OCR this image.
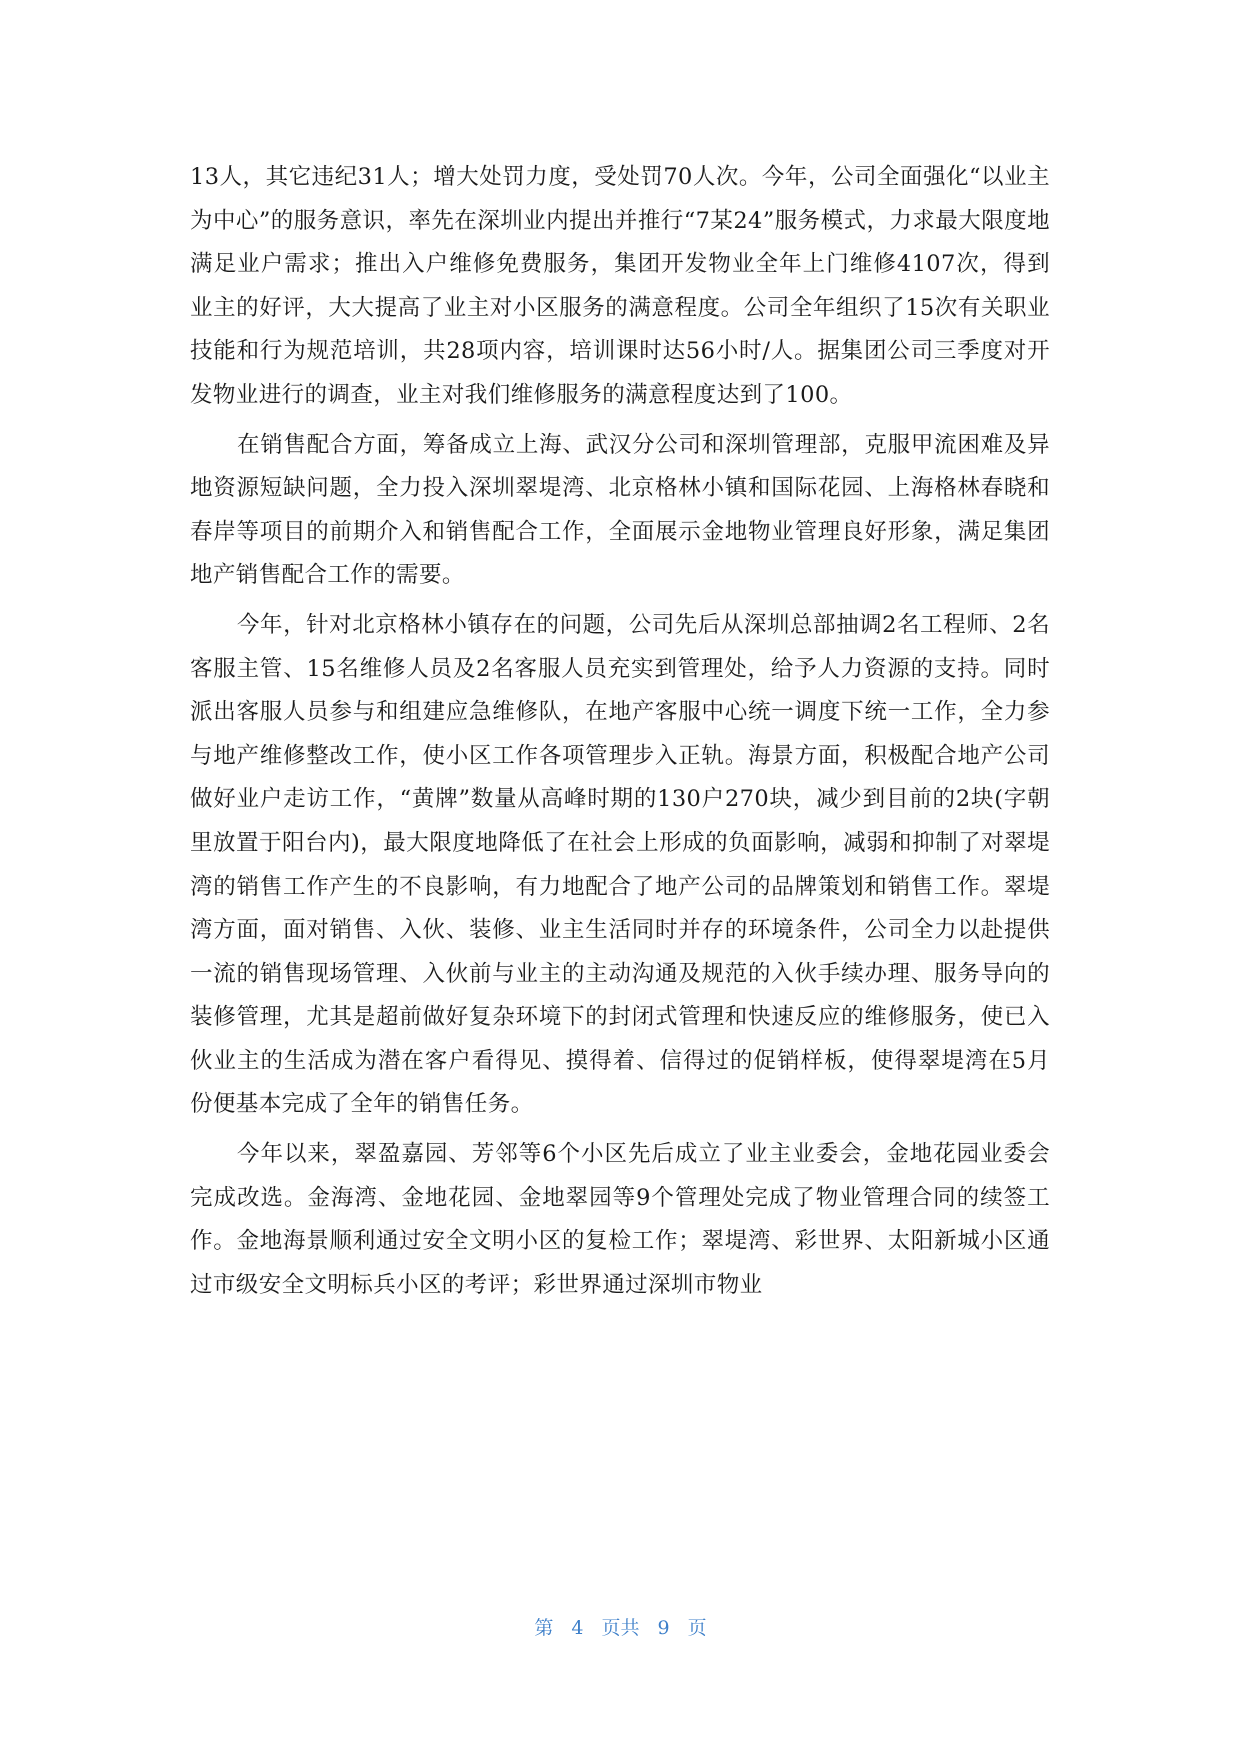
13人，其它违纪31人；增大处罚力度，受处罚70人次。今年，公司全面强化“以业主为中心”的服务意识，率先在深圳业内提出并推行“7某24”服务模式，力求最大限度地满足业户需求；推出入户维修免费服务，集团开发物业全年上门维修4107次，得到业主的好评，大大提高了业主对小区服务的满意程度。公司全年组织了15次有关职业技能和行为规范培训，共28项内容，培训课时达56小时/人。据集团公司三季度对开发物业进行的调查，业主对我们维修服务的满意程度达到了100。

在销售配合方面，筹备成立上海、武汉分公司和深圳管理部，克服甲流困难及异地资源短缺问题，全力投入深圳翠堤湾、北京格林小镇和国际花园、上海格林春晓和春岸等项目的前期介入和销售配合工作，全面展示金地物业管理良好形象，满足集团地产销售配合工作的需要。

今年，针对北京格林小镇存在的问题，公司先后从深圳总部抽调2名工程师、2名客服主管、15名维修人员及2名客服人员充实到管理处，给予人力资源的支持。同时派出客服人员参与和组建应急维修队，在地产客服中心统一调度下统一工作，全力参与地产维修整改工作，使小区工作各项管理步入正轨。海景方面，积极配合地产公司做好业户走访工作，“黄牌”数量从高峰时期的130户270块，减少到目前的2块(字朝里放置于阳台内)，最大限度地降低了在社会上形成的负面影响，减弱和抑制了对翠堤湾的销售工作产生的不良影响，有力地配合了地产公司的品牌策划和销售工作。翠堤湾方面，面对销售、入伙、装修、业主生活同时并存的环境条件，公司全力以赴提供一流的销售现场管理、入伙前与业主的主动沟通及规范的入伙手续办理、服务导向的装修管理，尤其是超前做好复杂环境下的封闭式管理和快速反应的维修服务，使已入伙业主的生活成为潜在客户看得见、摸得着、信得过的促销样板，使得翠堤湾在5月份便基本完成了全年的销售任务。

今年以来，翠盈嘉园、芳邻等6个小区先后成立了业主业委会，金地花园业委会完成改选。金海湾、金地花园、金地翠园等9个管理处完成了物业管理合同的续签工作。金地海景顺利通过安全文明小区的复检工作；翠堤湾、彩世界、太阳新城小区通过市级安全文明标兵小区的考评；彩世界通过深圳市物业

第 4 页共 9 页
